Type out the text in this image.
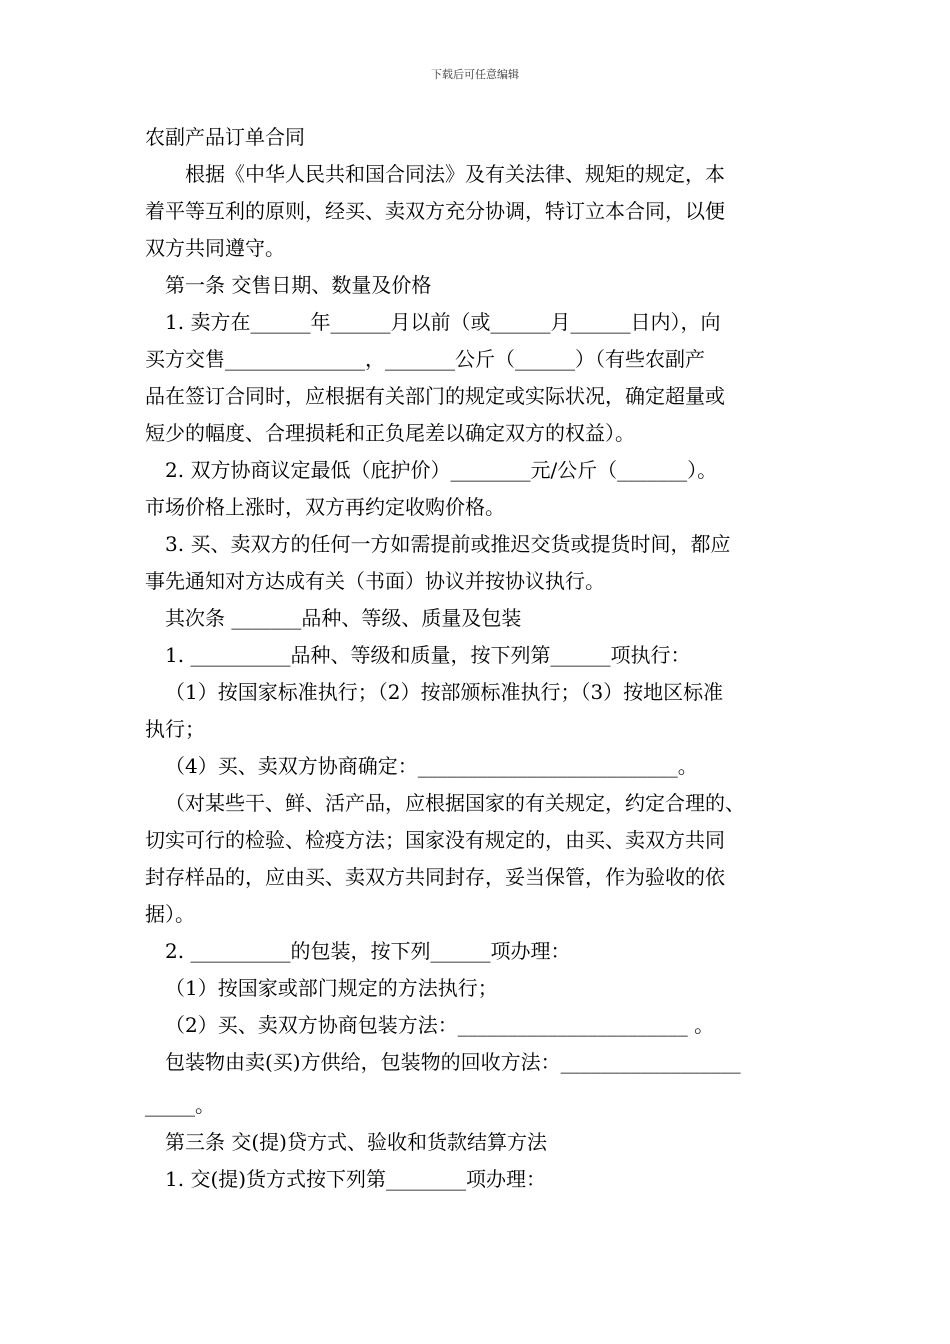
下载后可任意编辑
农副产品订单合同
根据《中华人民共和国合同法》及有关法律、规矩的规定，本
着平等互利的原则，经买、卖双方充分协调，特订立本合同，以便
双方共同遵守。
第一条 交售日期、数量及价格
1. 卖方在______年______月以前（或______月______日内），向
买方交售______________，_______公斤（______）（有些农副产
品在签订合同时，应根据有关部门的规定或实际状况，确定超量或
短少的幅度、合理损耗和正负尾差以确定双方的权益）。
2. 双方协商议定最低（庇护价）________元/公斤（_______）。
市场价格上涨时，双方再约定收购价格。
3. 买、卖双方的任何一方如需提前或推迟交货或提货时间，都应
事先通知对方达成有关（书面）协议并按协议执行。
其次条 _______品种、等级、质量及包装
1. __________品种、等级和质量，按下列第______项执行：
（1）按国家标准执行；（2）按部颁标准执行；（3）按地区标准
执行；
（4）买、卖双方协商确定：__________________________。
（对某些干、鲜、活产品，应根据国家的有关规定，约定合理的、
切实可行的检验、检疫方法；国家没有规定的，由买、卖双方共同
封存样品的，应由买、卖双方共同封存，妥当保管，作为验收的依
据）。
2. __________的包装，按下列______项办理：
（1）按国家或部门规定的方法执行；
（2）买、卖双方协商包装方法：_______________________ 。
包装物由卖(买)方供给，包装物的回收方法：__________________
_____。
第三条 交(提)贷方式、验收和货款结算方法
1. 交(提)货方式按下列第________项办理：
